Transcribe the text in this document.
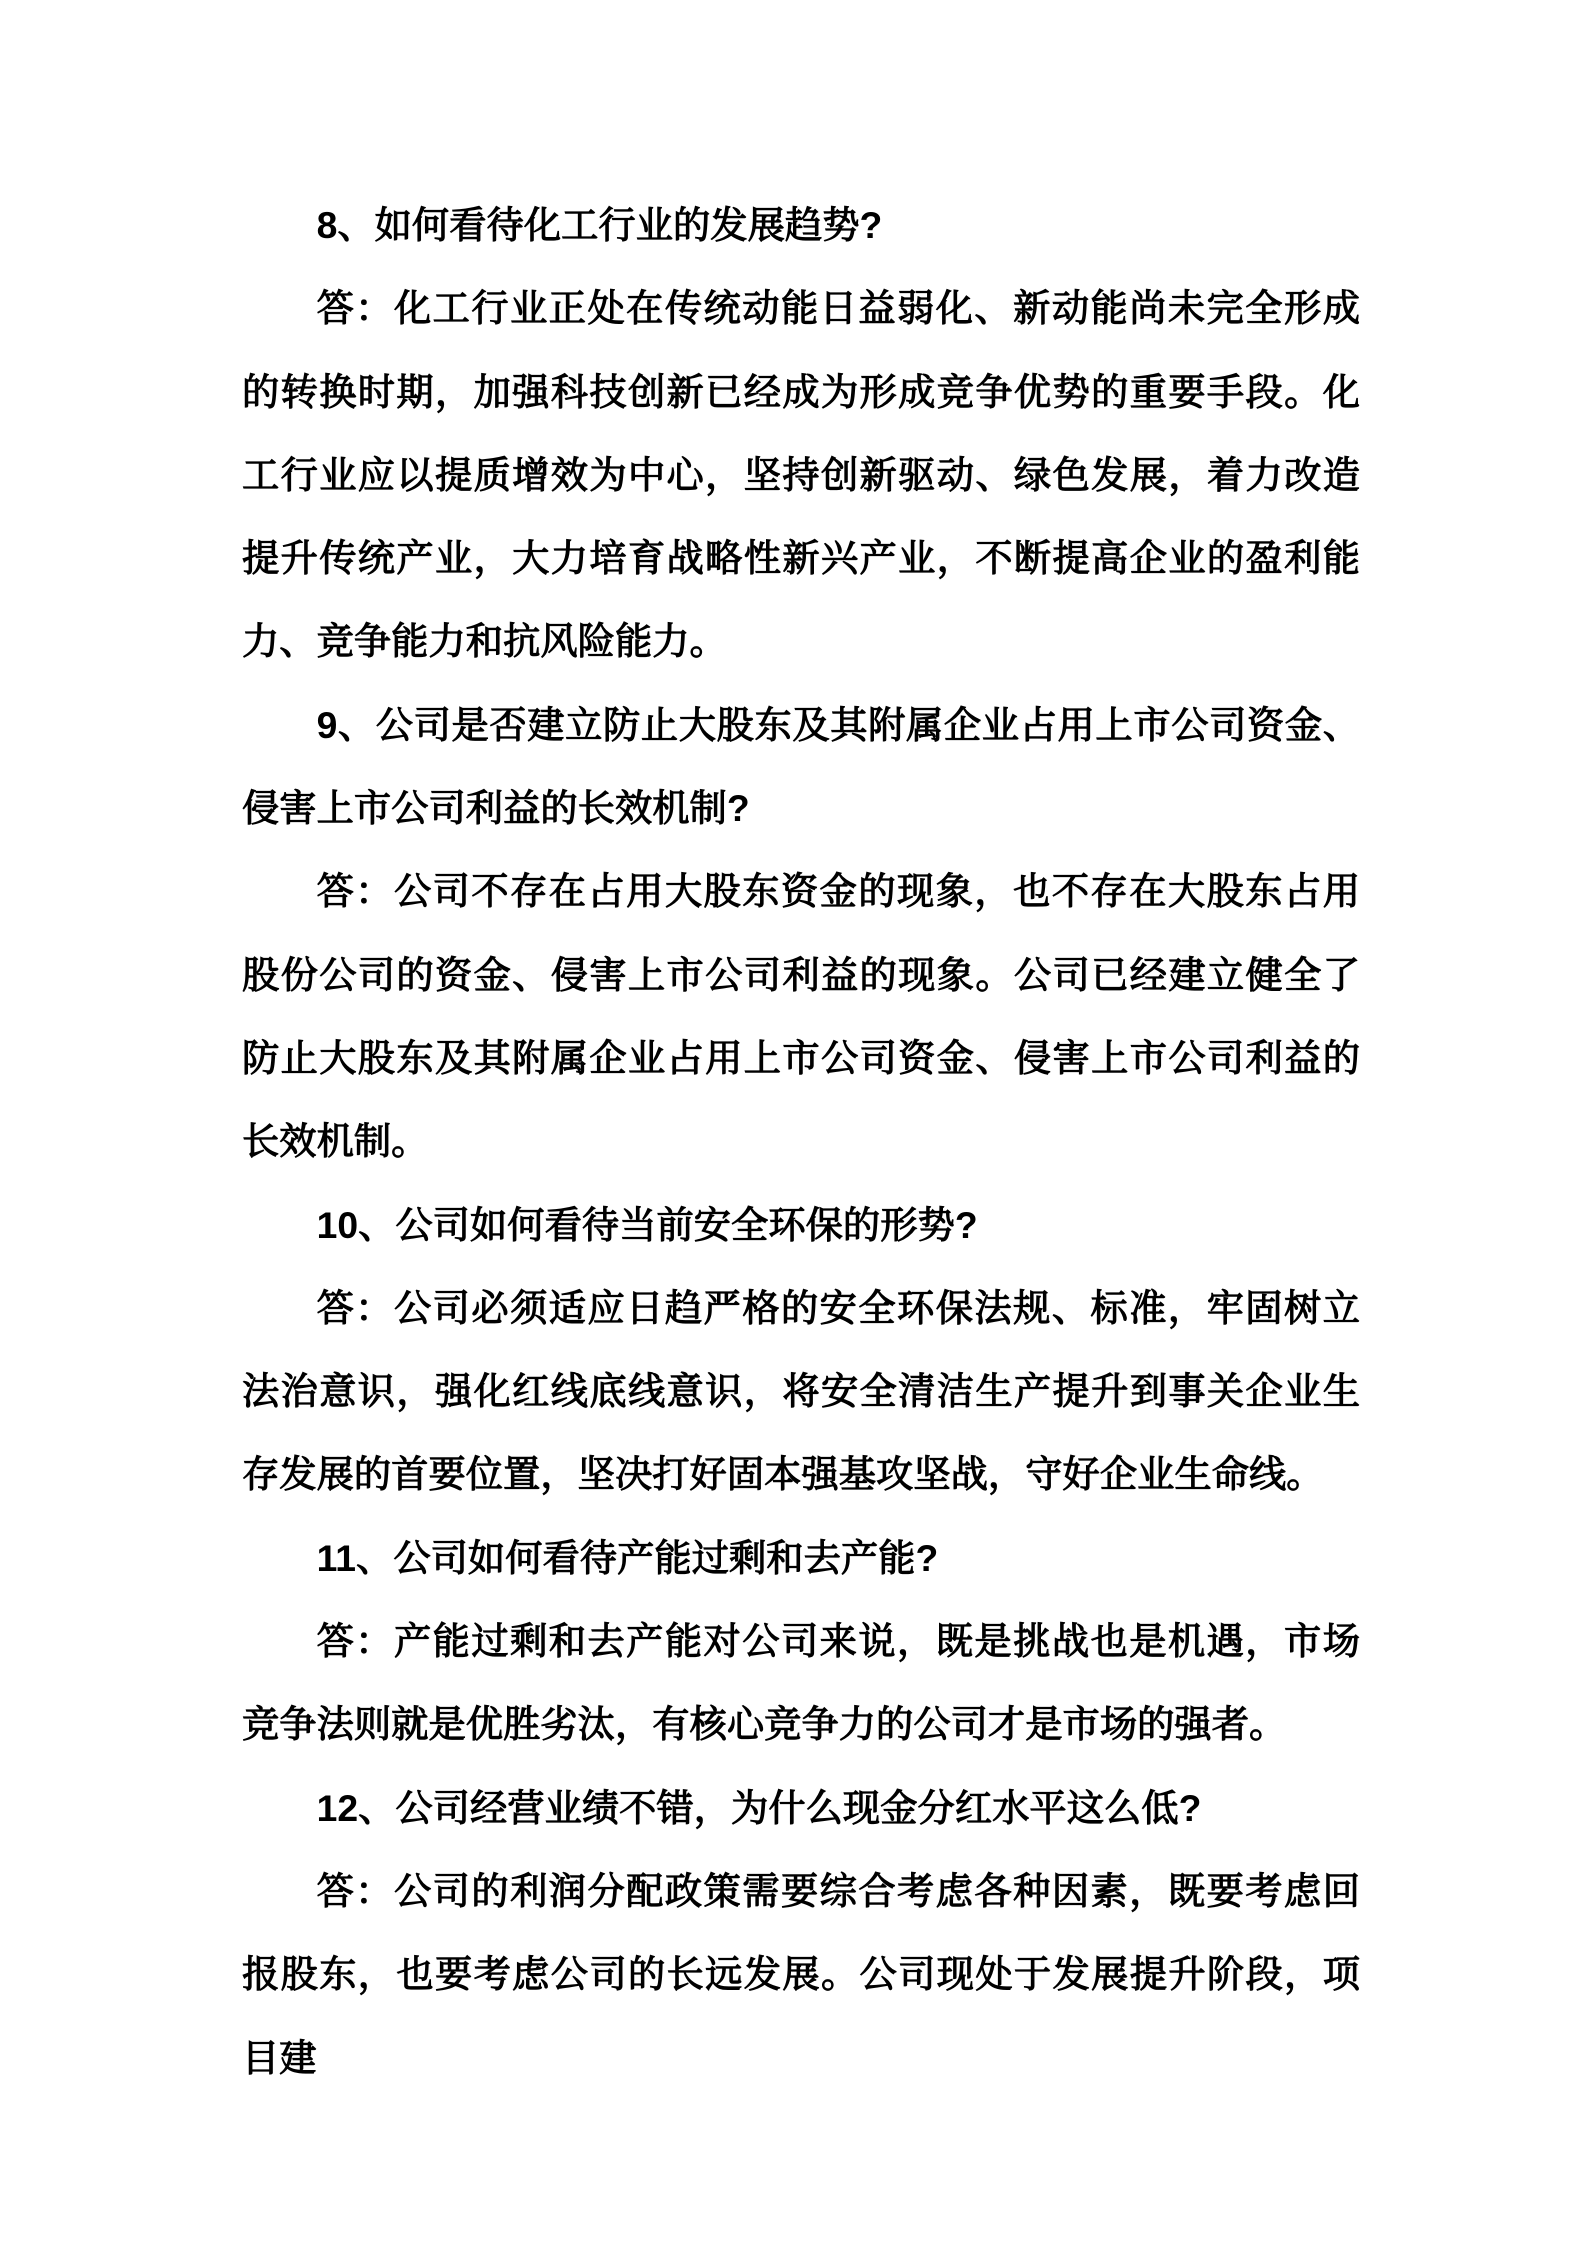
8、如何看待化工行业的发展趋势?

答：化工行业正处在传统动能日益弱化、新动能尚未完全形成的转换时期，加强科技创新已经成为形成竞争优势的重要手段。化工行业应以提质增效为中心，坚持创新驱动、绿色发展，着力改造提升传统产业，大力培育战略性新兴产业，不断提高企业的盈利能力、竞争能力和抗风险能力。

9、公司是否建立防止大股东及其附属企业占用上市公司资金、侵害上市公司利益的长效机制?

答：公司不存在占用大股东资金的现象，也不存在大股东占用股份公司的资金、侵害上市公司利益的现象。公司已经建立健全了防止大股东及其附属企业占用上市公司资金、侵害上市公司利益的长效机制。

10、公司如何看待当前安全环保的形势?

答：公司必须适应日趋严格的安全环保法规、标准，牢固树立法治意识，强化红线底线意识，将安全清洁生产提升到事关企业生存发展的首要位置，坚决打好固本强基攻坚战，守好企业生命线。

11、公司如何看待产能过剩和去产能?

答：产能过剩和去产能对公司来说，既是挑战也是机遇，市场竞争法则就是优胜劣汰，有核心竞争力的公司才是市场的强者。

12、公司经营业绩不错，为什么现金分红水平这么低?

答：公司的利润分配政策需要综合考虑各种因素，既要考虑回报股东，也要考虑公司的长远发展。公司现处于发展提升阶段，项目建
